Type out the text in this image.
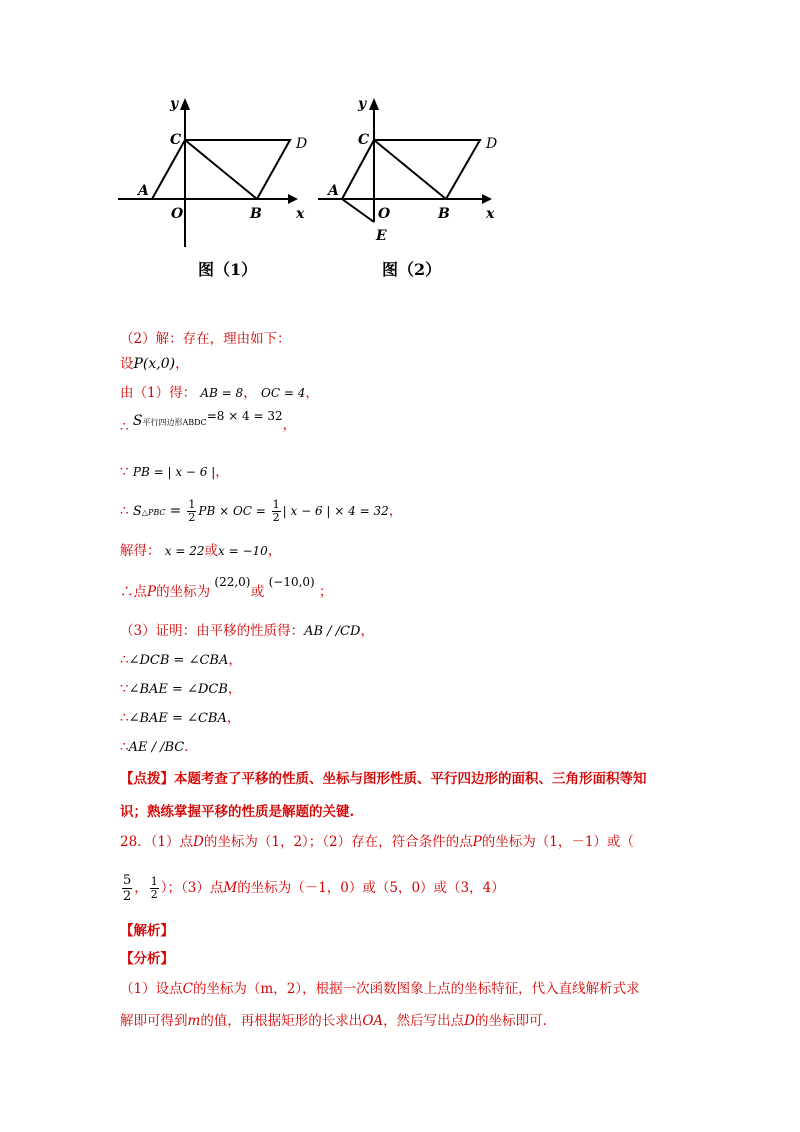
y
C	D
A
O	B x
图（1）
y
C	D
A
O	B	x
E
图（2）
（2）解：存在，理由如下：
设P(x,0)，
由（1）得： AB = 8， OC = 4，
∴ S平行四边形ABDC=8 × 4 = 32，
∵ PB = | x − 6 |，
∴ S△PBC = $\frac{1}{2}$ PB × OC = $\frac{1}{2}$ | x − 6 | × 4 = 32，
解得： x = 22或x = −10，
∴点P的坐标为 (22,0) 或 (−10,0) ；
（3）证明：由平移的性质得：AB / /CD，
∴∠DCB = ∠CBA，
∵∠BAE = ∠DCB，
∴∠BAE = ∠CBA，
∴AE / /BC．
【点拨】本题考查了平移的性质、坐标与图形性质、平行四边形的面积、三角形面积等知
识；熟练掌握平移的性质是解题的关键.
28．（1）点D的坐标为（1，2）；（2）存在，符合条件的点P的坐标为（1，－1）或（
$\frac{5}{2}$ ， $\frac{1}{2}$ ）；（3）点M的坐标为（－1，0）或（5，0）或（3，4）
【解析】
【分析】
（1）设点C的坐标为（m，2），根据一次函数图象上点的坐标特征，代入直线解析式求
解即可得到m的值，再根据矩形的长求出OA，然后写出点D的坐标即可.
